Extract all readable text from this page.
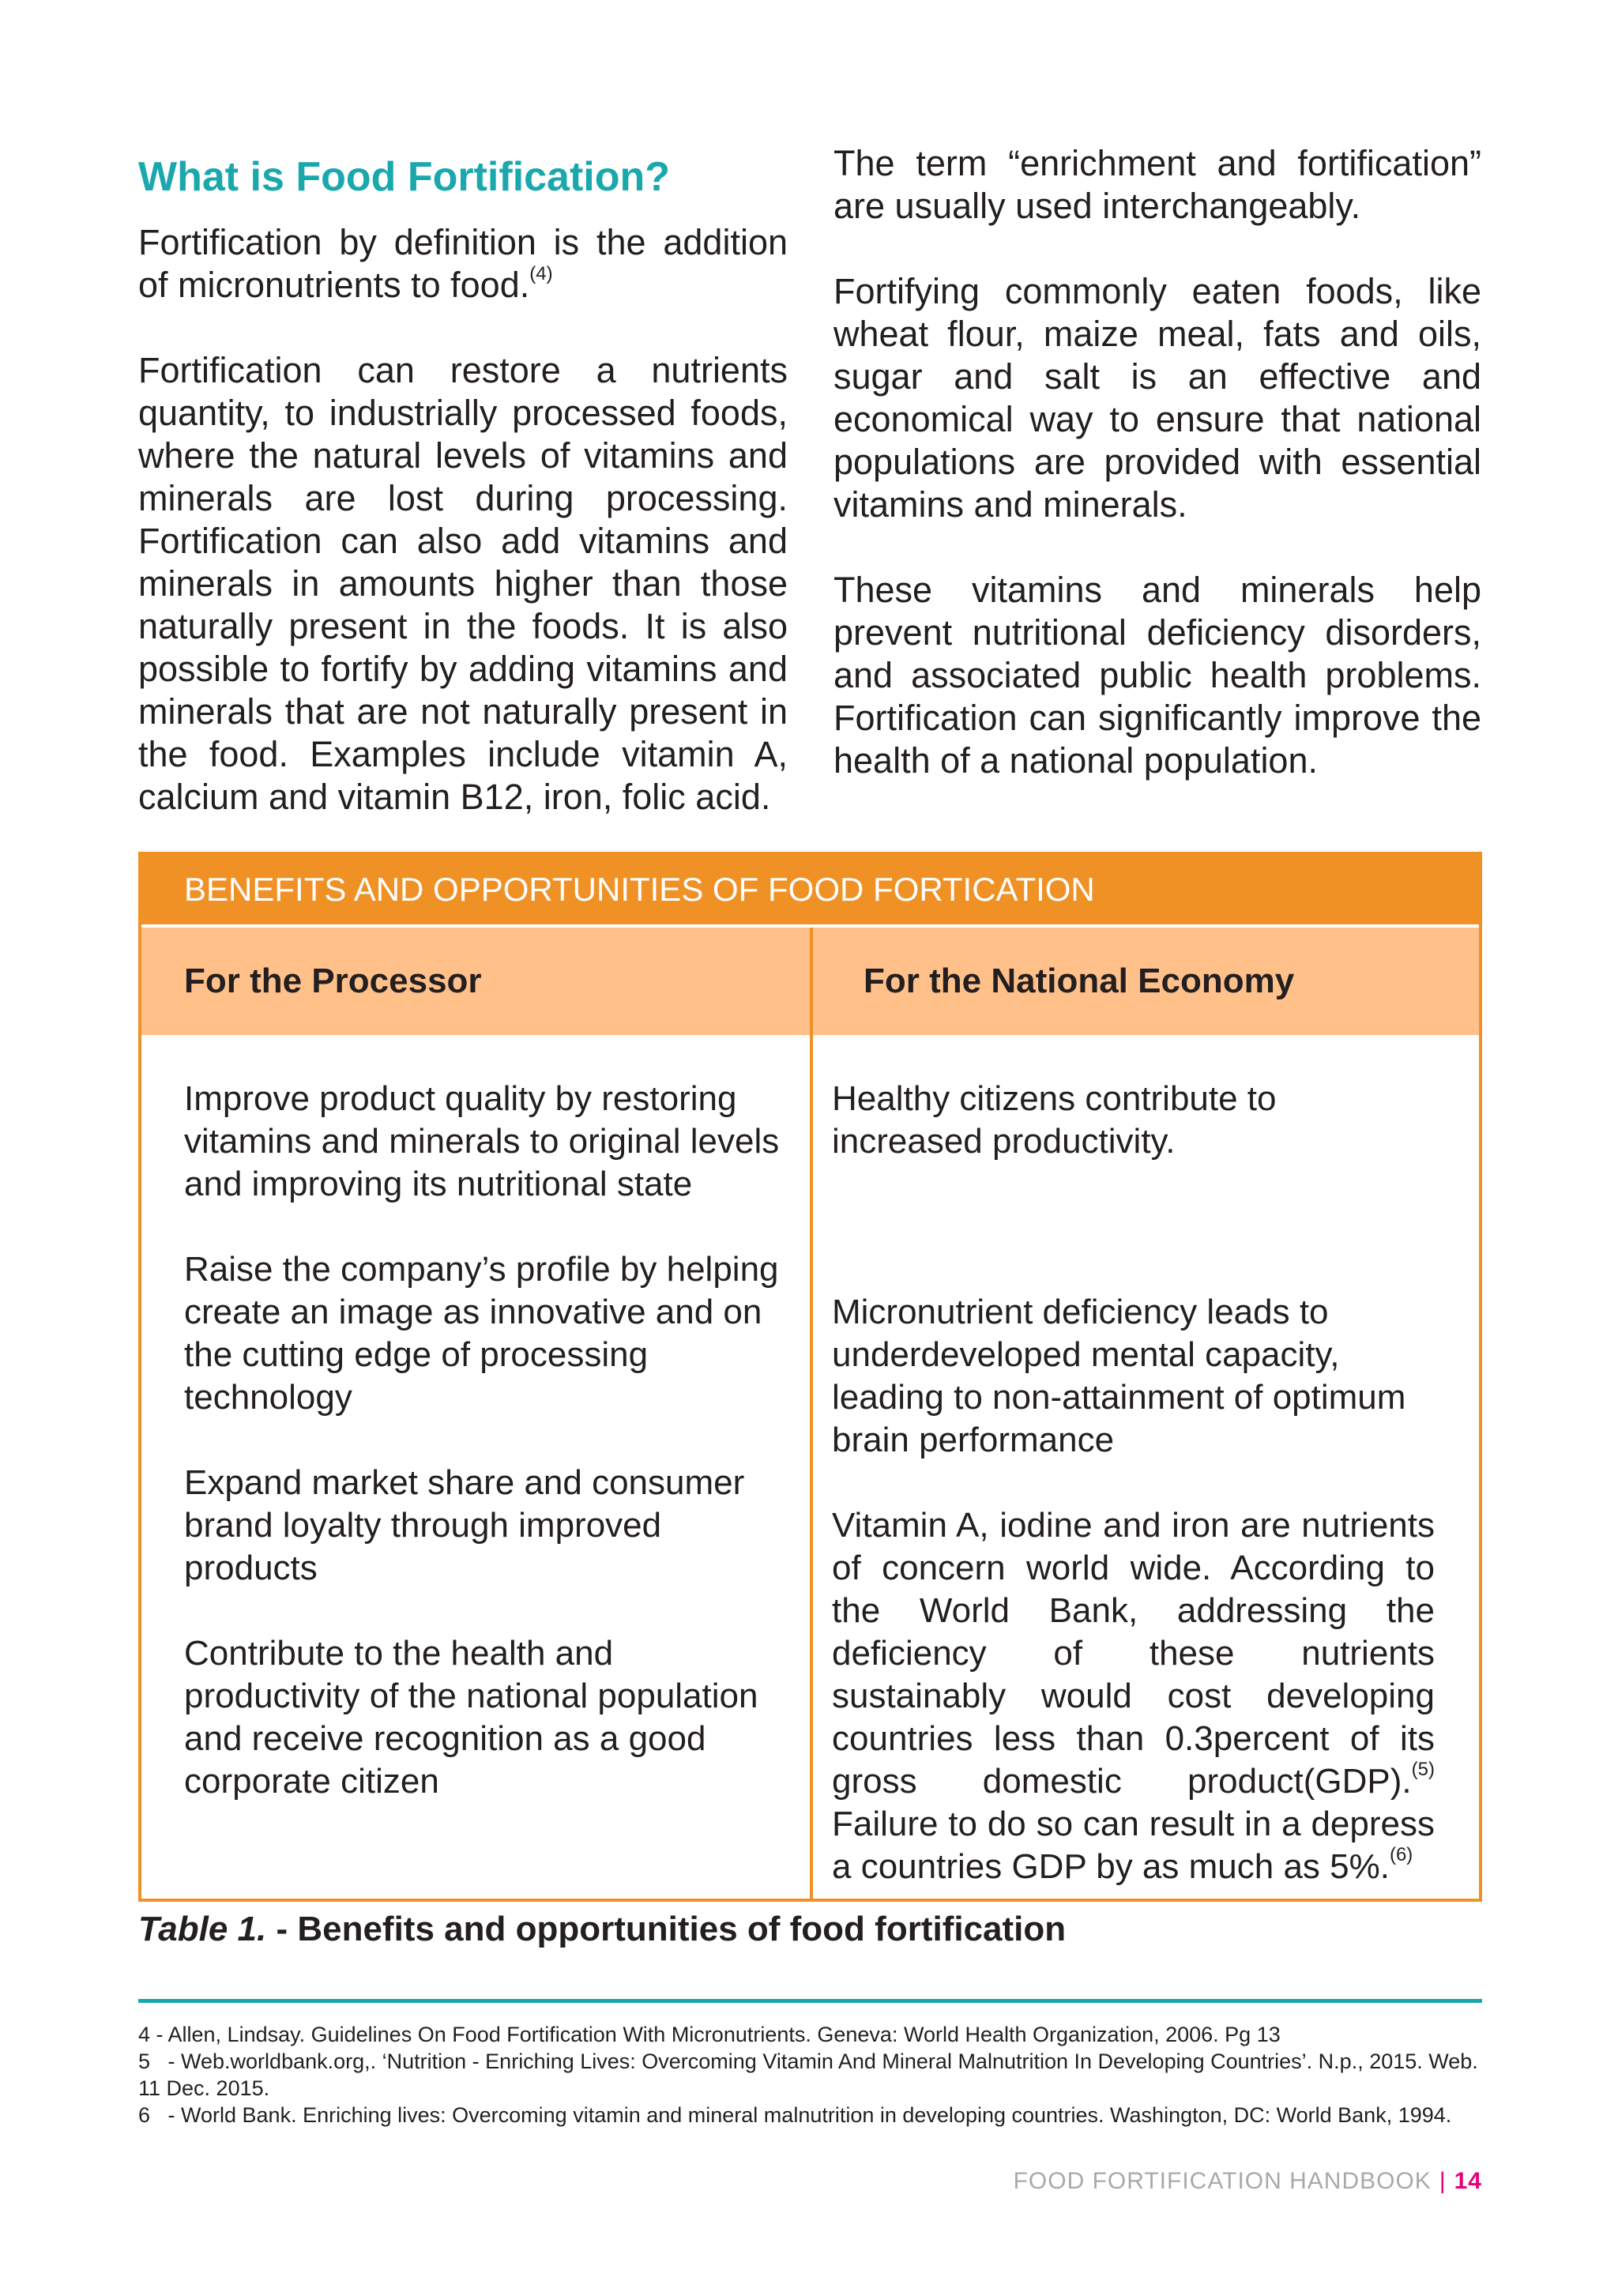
What is Food Fortification?

Fortification by definition is the addition of micronutrients to food.$^{(4)}$

Fortification can restore a nutrients quantity, to industrially processed foods, where the natural levels of vitamins and minerals are lost during processing. Fortification can also add vitamins and minerals in amounts higher than those naturally present in the foods. It is also possible to fortify by adding vitamins and minerals that are not naturally present in the food. Examples include vitamin A, calcium and vitamin B12, iron, folic acid.

The term “enrichment and fortification” are usually used interchangeably.

Fortifying commonly eaten foods, like wheat flour, maize meal, fats and oils, sugar and salt is an effective and economical way to ensure that national populations are provided with essential vitamins and minerals.

These vitamins and minerals help prevent nutritional deficiency disorders, and associated public health problems. Fortification can significantly improve the health of a national population.

BENEFITS AND OPPORTUNITIES OF FOOD FORTICATION
For the Processor	For the National Economy

Improve product quality by restoring vitamins and minerals to original levels and improving its nutritional state

Raise the company’s profile by helping create an image as innovative and on the cutting edge of processing technology

Expand market share and consumer brand loyalty through improved products

Contribute to the health and productivity of the national population and receive recognition as a good corporate citizen

Healthy citizens contribute to increased productivity.

Micronutrient deficiency leads to underdeveloped mental capacity, leading to non-attainment of optimum brain performance

Vitamin A, iodine and iron are nutrients of concern world wide. According to the World Bank, addressing the deficiency of these nutrients sustainably would cost developing countries less than 0.3percent of its gross domestic product(GDP).$^{(5)}$ Failure to do so can result in a depress a countries GDP by as much as 5%.$^{(6)}$

Table 1. - Benefits and opportunities of food fortification
4 - Allen, Lindsay. Guidelines On Food Fortification With Micronutrients. Geneva: World Health Organization, 2006. Pg 13
5   - Web.worldbank.org,. ‘Nutrition - Enriching Lives: Overcoming Vitamin And Mineral Malnutrition In Developing Countries’. N.p., 2015. Web. 11 Dec. 2015.
6   - World Bank. Enriching lives: Overcoming vitamin and mineral malnutrition in developing countries. Washington, DC: World Bank, 1994.
FOOD FORTIFICATION HANDBOOK | 14
